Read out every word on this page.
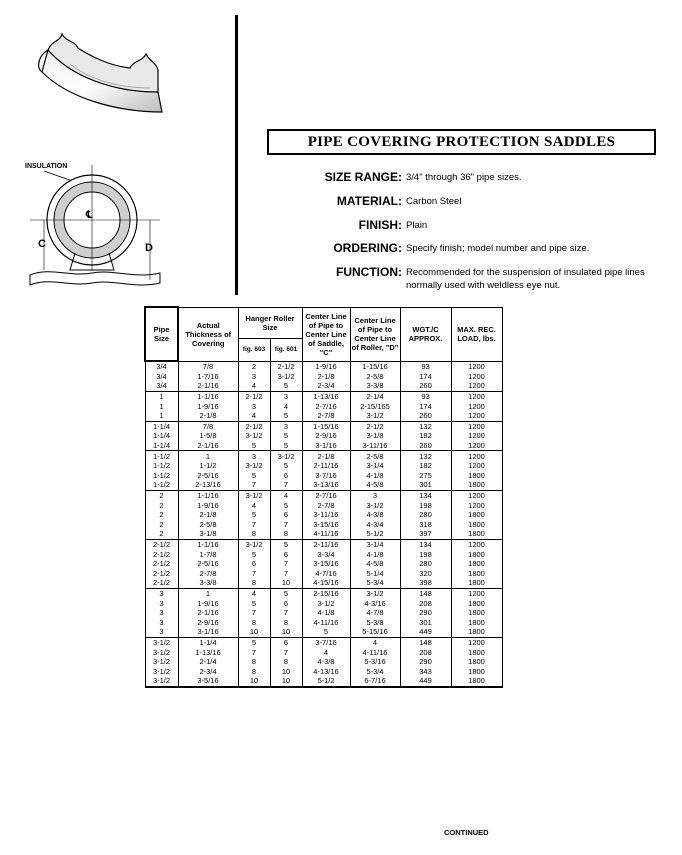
INSULATION
℄
C	D
PIPE COVERING PROTECTION SADDLES
SIZE RANGE: 3/4" through 36" pipe sizes.
MATERIAL: Carbon Steel
FINISH: Plain
ORDERING: Specify finish; model number and pipe size.
FUNCTION: Recommended for the suspension of insulated pipe lines normally used with weldless eye nut.
Pipe Size	Actual Thickness of Covering	Hanger Roller Size		Center Line of Pipe to Center Line of Saddle, "C"	Center Line of Pipe to Center Line of Roller, "D"	WGT./C APPROX.	MAX. REC. LOAD, lbs.
		fig. 603	fig. 601				
3/4	7/8	2	2-1/2	1-9/16	1-15/16	93	1200
3/4	1-7/16	3	3-1/2	2-1/8	2-5/8	174	1200
3/4	2-1/16	4	5	2-3/4	3-3/8	260	1200
1	1-1/16	2-1/2	3	1-13/16	2-1/4	93	1200
1	1-9/16	3	4	2-7/16	2-15/165	174	1200
1	2-1/8	4	5	2-7/8	3-1/2	260	1200
1-1/4	7/8	2-1/2	3	1-15/16	2-1/2	132	1200
1-1/4	1-5/8	3-1/2	5	2-9/16	3-1/8	182	1200
1-1/4	2-1/16	5	5	3-1/16	3-11/16	260	1200
1-1/2	1	3	3-1/2	2-1/8	2-5/8	132	1200
1-1/2	1-1/2	3-1/2	5	2-11/16	3-1/4	182	1200
1-1/2	2-5/16	5	6	3-7/16	4-1/8	275	1800
1-1/2	2-13/16	7	7	3-13/16	4-5/8	301	1800
2	1-1/16	3-1/2	4	2-7/16	3	134	1200
2	1-9/16	4	5	2-7/8	3-1/2	198	1200
2	2-1/8	5	6	3-11/16	4-3/8	280	1800
2	2-5/8	7	7	3-15/16	4-3/4	318	1800
2	3-1/8	8	8	4-11/16	5-1/2	397	1800
2-1/2	1-1/16	3-1/2	5	2-11/16	3-1/4	134	1200
2-1/2	1-7/8	5	6	3-3/4	4-1/8	198	1800
2-1/2	2-5/16	6	7	3-15/16	4-5/8	280	1800
2-1/2	2-7/8	7	7	4-7/16	5-1/4	320	1800
2-1/2	3-3/8	8	10	4-15/16	5-3/4	398	1800
3	1	4	5	2-15/16	3-1/2	148	1200
3	1-9/16	5	6	3-1/2	4-3/16	208	1800
3	2-1/16	7	7	4-1/8	4-7/8	290	1800
3	2-9/16	8	8	4-11/16	5-3/8	301	1800
3	3-1/16	10	10	5	5-15/16	449	1800
3-1/2	1-1/4	5	6	3-7/16	4	148	1200
3-1/2	1-13/16	7	7	4	4-11/16	208	1800
3-1/2	2-1/4	8	8	4-3/8	5-3/16	290	1800
3-1/2	2-3/4	8	10	4-13/16	5-3/4	343	1800
3-1/2	3-5/16	10	10	5-1/2	6-7/16	449	1800
CONTINUED
